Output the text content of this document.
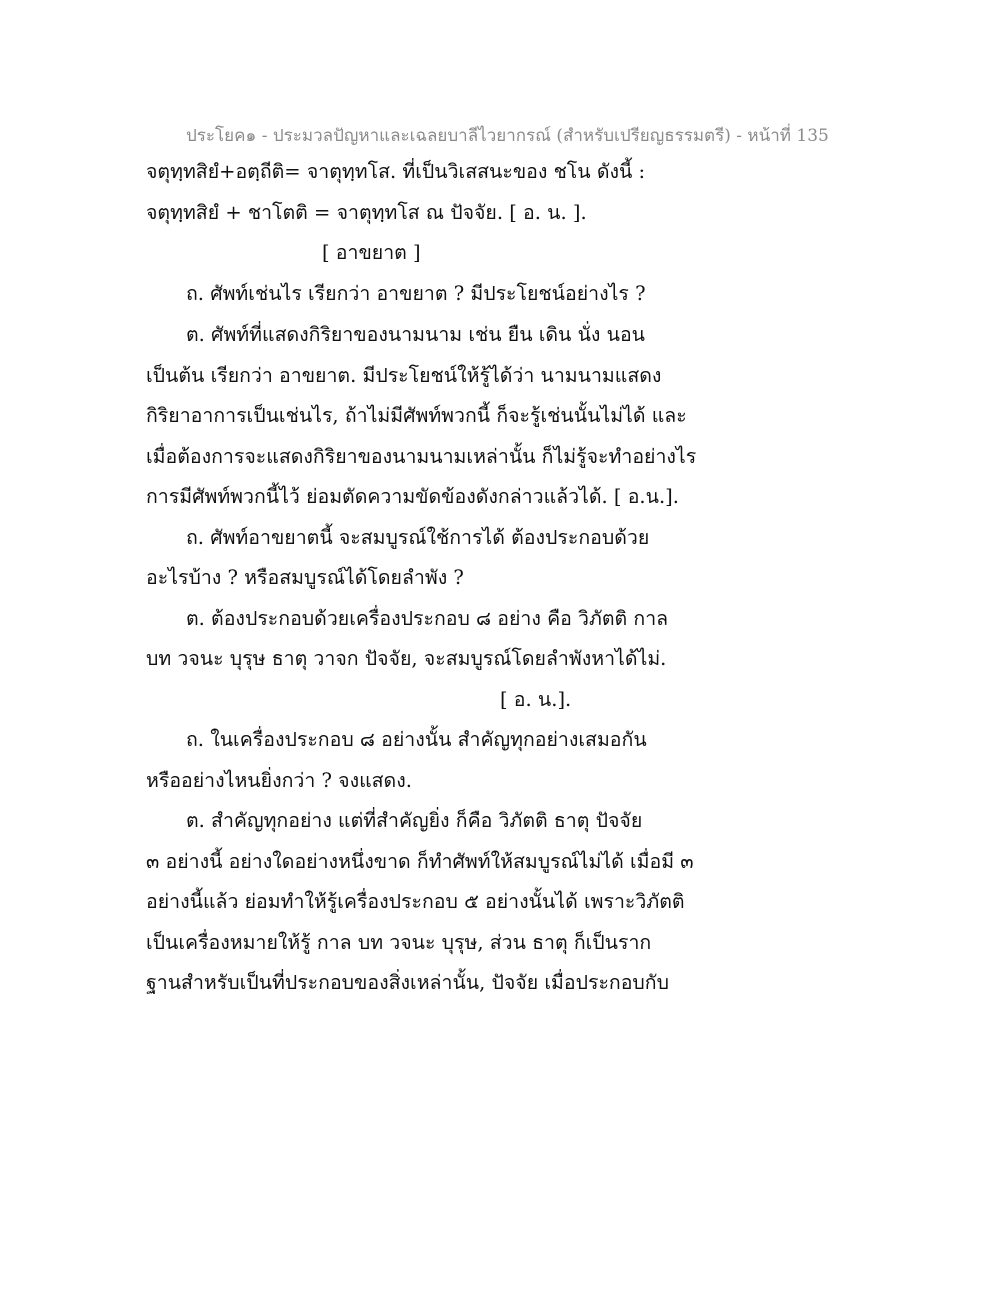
ประโยค๑ - ประมวลปัญหาและเฉลยบาลีไวยากรณ์ (สำหรับเปรียญธรรมตรี) - หน้าที่ 135
จตุทฺทสิยํ+อตฺถีติ= จาตุทฺทโส. ที่เป็นวิเสสนะของ ชโน ดังนี้ :
จตุทฺทสิยํ + ชาโตติ = จาตุทฺทโส ณ ปัจจัย. [ อ. น. ].
[ อาขยาต ]
ถ. ศัพท์เช่นไร เรียกว่า อาขยาต ? มีประโยชน์อย่างไร ?
ต. ศัพท์ที่แสดงกิริยาของนามนาม เช่น ยืน เดิน นั่ง นอน
เป็นต้น เรียกว่า อาขยาต. มีประโยชน์ให้รู้ได้ว่า นามนามแสดง
กิริยาอาการเป็นเช่นไร, ถ้าไม่มีศัพท์พวกนี้ ก็จะรู้เช่นนั้นไม่ได้ และ
เมื่อต้องการจะแสดงกิริยาของนามนามเหล่านั้น ก็ไม่รู้จะทำอย่างไร
การมีศัพท์พวกนี้ไว้ ย่อมตัดความขัดข้องดังกล่าวแล้วได้. [ อ.น.].
ถ. ศัพท์อาขยาตนี้ จะสมบูรณ์ใช้การได้ ต้องประกอบด้วย
อะไรบ้าง ? หรือสมบูรณ์ได้โดยลำพัง ?
ต. ต้องประกอบด้วยเครื่องประกอบ ๘ อย่าง คือ วิภัตติ กาล
บท วจนะ บุรุษ ธาตุ วาจก ปัจจัย, จะสมบูรณ์โดยลำพังหาได้ไม่.
[ อ. น.].
ถ. ในเครื่องประกอบ ๘ อย่างนั้น สำคัญทุกอย่างเสมอกัน
หรืออย่างไหนยิ่งกว่า ? จงแสดง.
ต. สำคัญทุกอย่าง แต่ที่สำคัญยิ่ง ก็คือ วิภัตติ ธาตุ ปัจจัย
๓ อย่างนี้ อย่างใดอย่างหนึ่งขาด ก็ทำศัพท์ให้สมบูรณ์ไม่ได้ เมื่อมี ๓
อย่างนี้แล้ว ย่อมทำให้รู้เครื่องประกอบ ๕ อย่างนั้นได้ เพราะวิภัตติ
เป็นเครื่องหมายให้รู้ กาล บท วจนะ บุรุษ, ส่วน ธาตุ ก็เป็นราก
ฐานสำหรับเป็นที่ประกอบของสิ่งเหล่านั้น, ปัจจัย เมื่อประกอบกับ
